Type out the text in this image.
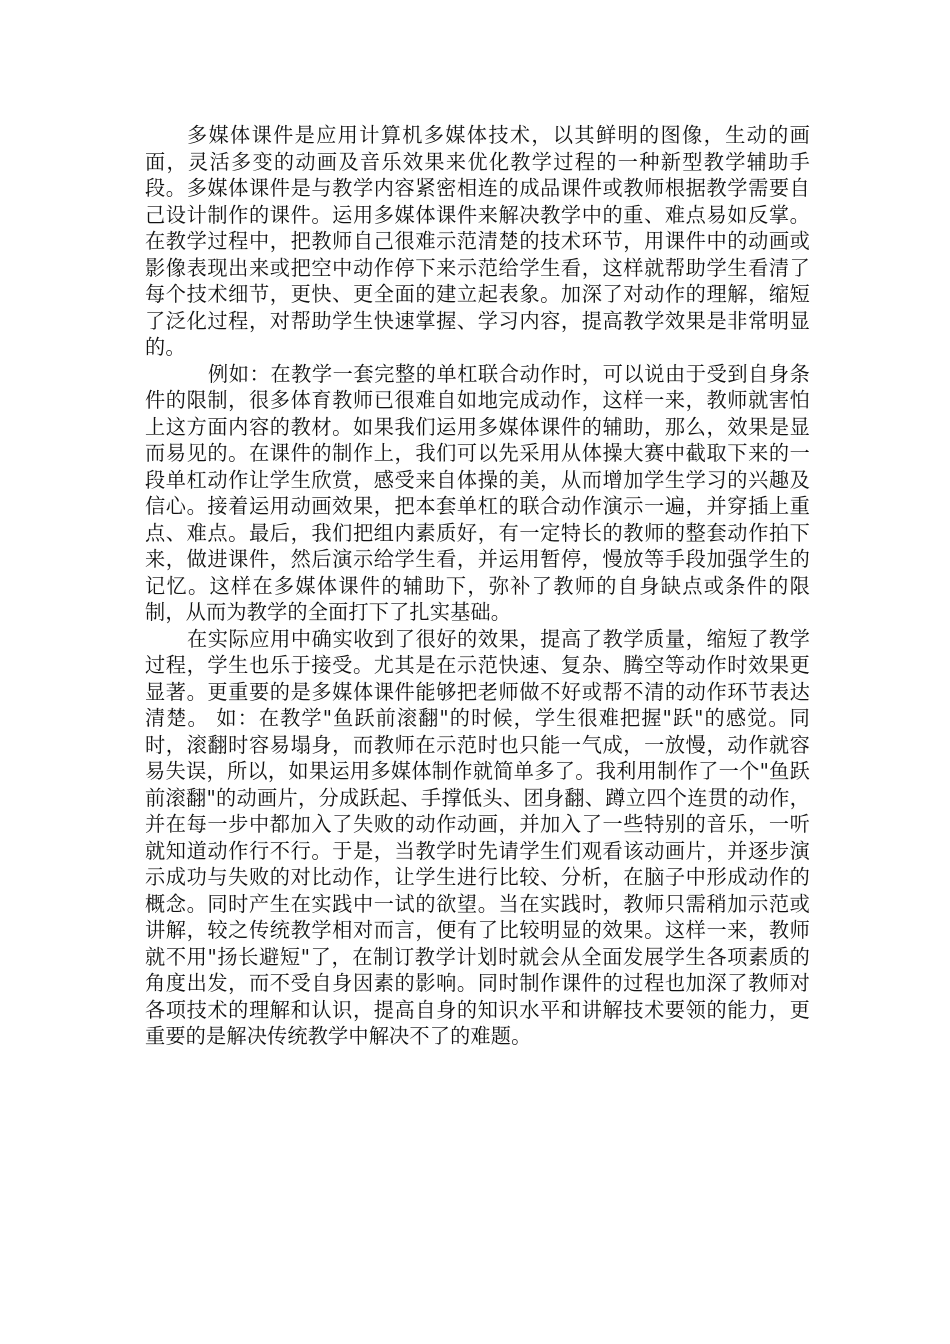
多媒体课件是应用计算机多媒体技术，以其鲜明的图像，生动的画面，灵活多变的动画及音乐效果来优化教学过程的一种新型教学辅助手段。多媒体课件是与教学内容紧密相连的成品课件或教师根据教学需要自己设计制作的课件。运用多媒体课件来解决教学中的重、难点易如反掌。在教学过程中，把教师自己很难示范清楚的技术环节，用课件中的动画或影像表现出来或把空中动作停下来示范给学生看，这样就帮助学生看清了每个技术细节，更快、更全面的建立起表象。加深了对动作的理解，缩短了泛化过程，对帮助学生快速掌握、学习内容，提高教学效果是非常明显的。

例如：在教学一套完整的单杠联合动作时，可以说由于受到自身条件的限制，很多体育教师已很难自如地完成动作，这样一来，教师就害怕上这方面内容的教材。如果我们运用多媒体课件的辅助，那么，效果是显而易见的。在课件的制作上，我们可以先采用从体操大赛中截取下来的一段单杠动作让学生欣赏，感受来自体操的美，从而增加学生学习的兴趣及信心。接着运用动画效果，把本套单杠的联合动作演示一遍，并穿插上重点、难点。最后，我们把组内素质好，有一定特长的教师的整套动作拍下来，做进课件，然后演示给学生看，并运用暂停，慢放等手段加强学生的记忆。这样在多媒体课件的辅助下，弥补了教师的自身缺点或条件的限制，从而为教学的全面打下了扎实基础。

在实际应用中确实收到了很好的效果，提高了教学质量，缩短了教学过程，学生也乐于接受。尤其是在示范快速、复杂、腾空等动作时效果更显著。更重要的是多媒体课件能够把老师做不好或帮不清的动作环节表达清楚。 如：在教学"鱼跃前滚翻"的时候，学生很难把握"跃"的感觉。同时，滚翻时容易塌身，而教师在示范时也只能一气成，一放慢，动作就容易失误，所以，如果运用多媒体制作就简单多了。我利用制作了一个"鱼跃前滚翻"的动画片，分成跃起、手撑低头、团身翻、蹲立四个连贯的动作，并在每一步中都加入了失败的动作动画，并加入了一些特别的音乐，一听就知道动作行不行。于是，当教学时先请学生们观看该动画片，并逐步演示成功与失败的对比动作，让学生进行比较、分析，在脑子中形成动作的概念。同时产生在实践中一试的欲望。当在实践时，教师只需稍加示范或讲解，较之传统教学相对而言，便有了比较明显的效果。这样一来，教师就不用"扬长避短"了，在制订教学计划时就会从全面发展学生各项素质的角度出发，而不受自身因素的影响。同时制作课件的过程也加深了教师对各项技术的理解和认识，提高自身的知识水平和讲解技术要领的能力，更重要的是解决传统教学中解决不了的难题。
